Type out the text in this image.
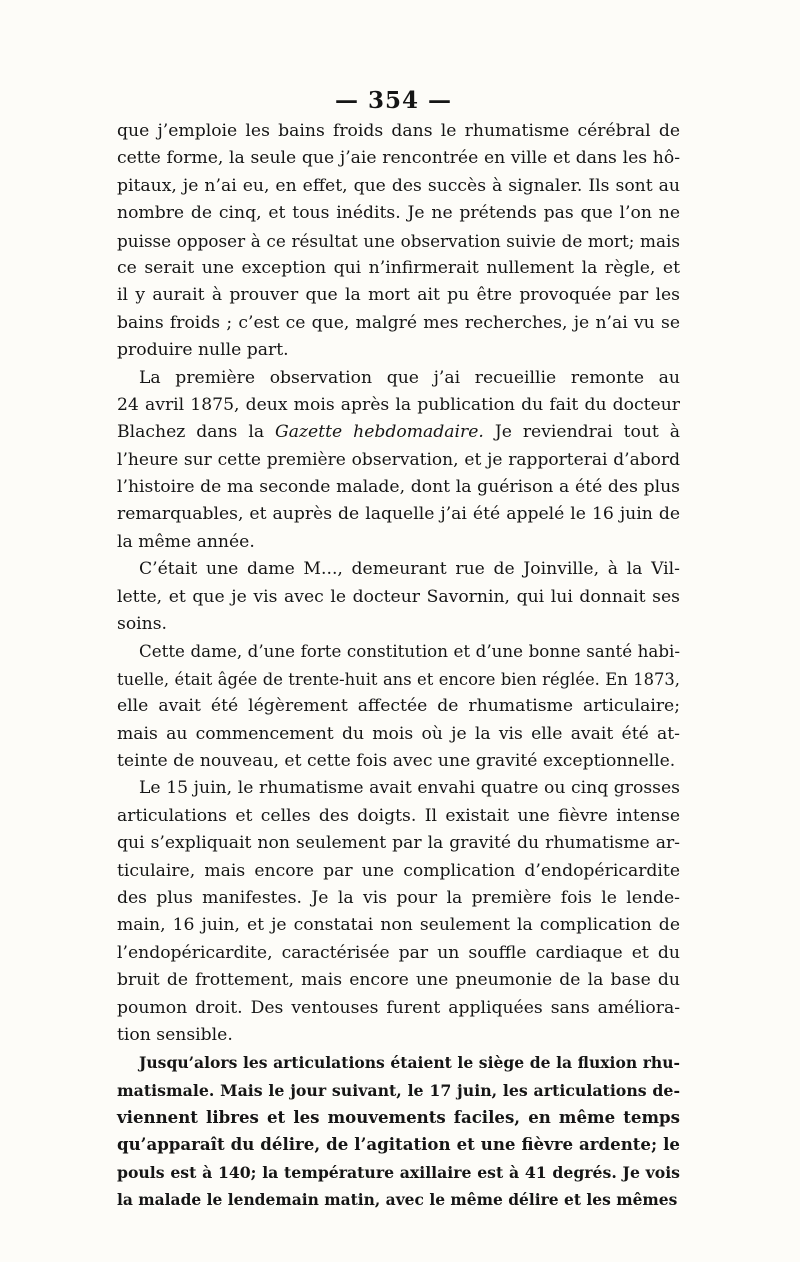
— 354 —
que j’emploie les bains froids dans le rhumatisme cérébral de
cette forme, la seule que j’aie rencontrée en ville et dans les hô-
pitaux, je n’ai eu, en effet, que des succès à signaler. Ils sont au
nombre de cinq, et tous inédits. Je ne prétends pas que l’on ne
puisse opposer à ce résultat une observation suivie de mort; mais
ce serait une exception qui n’infirmerait nullement la règle, et
il y aurait à prouver que la mort ait pu être provoquée par les
bains froids ; c’est ce que, malgré mes recherches, je n’ai vu se
produire nulle part.
La première observation que j’ai recueillie remonte au
24 avril 1875, deux mois après la publication du fait du docteur
Blachez dans la Gazette hebdomadaire. Je reviendrai tout à
l’heure sur cette première observation, et je rapporterai d’abord
l’histoire de ma seconde malade, dont la guérison a été des plus
remarquables, et auprès de laquelle j’ai été appelé le 16 juin de
la même année.
C’était une dame M..., demeurant rue de Joinville, à la Vil-
lette, et que je vis avec le docteur Savornin, qui lui donnait ses
soins.
Cette dame, d’une forte constitution et d’une bonne santé habi-
tuelle, était âgée de trente-huit ans et encore bien réglée. En 1873,
elle avait été légèrement affectée de rhumatisme articulaire;
mais au commencement du mois où je la vis elle avait été at-
teinte de nouveau, et cette fois avec une gravité exceptionnelle.
Le 15 juin, le rhumatisme avait envahi quatre ou cinq grosses
articulations et celles des doigts. Il existait une fièvre intense
qui s’expliquait non seulement par la gravité du rhumatisme ar-
ticulaire, mais encore par une complication d’endopéricardite
des plus manifestes. Je la vis pour la première fois le lende-
main, 16 juin, et je constatai non seulement la complication de
l’endopéricardite, caractérisée par un souffle cardiaque et du
bruit de frottement, mais encore une pneumonie de la base du
poumon droit. Des ventouses furent appliquées sans améliora-
tion sensible.
Jusqu’alors les articulations étaient le siège de la fluxion rhu-
matismale. Mais le jour suivant, le 17 juin, les articulations de-
viennent libres et les mouvements faciles, en même temps
qu’apparaît du délire, de l’agitation et une fièvre ardente; le
pouls est à 140; la température axillaire est à 41 degrés. Je vois
la malade le lendemain matin, avec le même délire et les mêmes
